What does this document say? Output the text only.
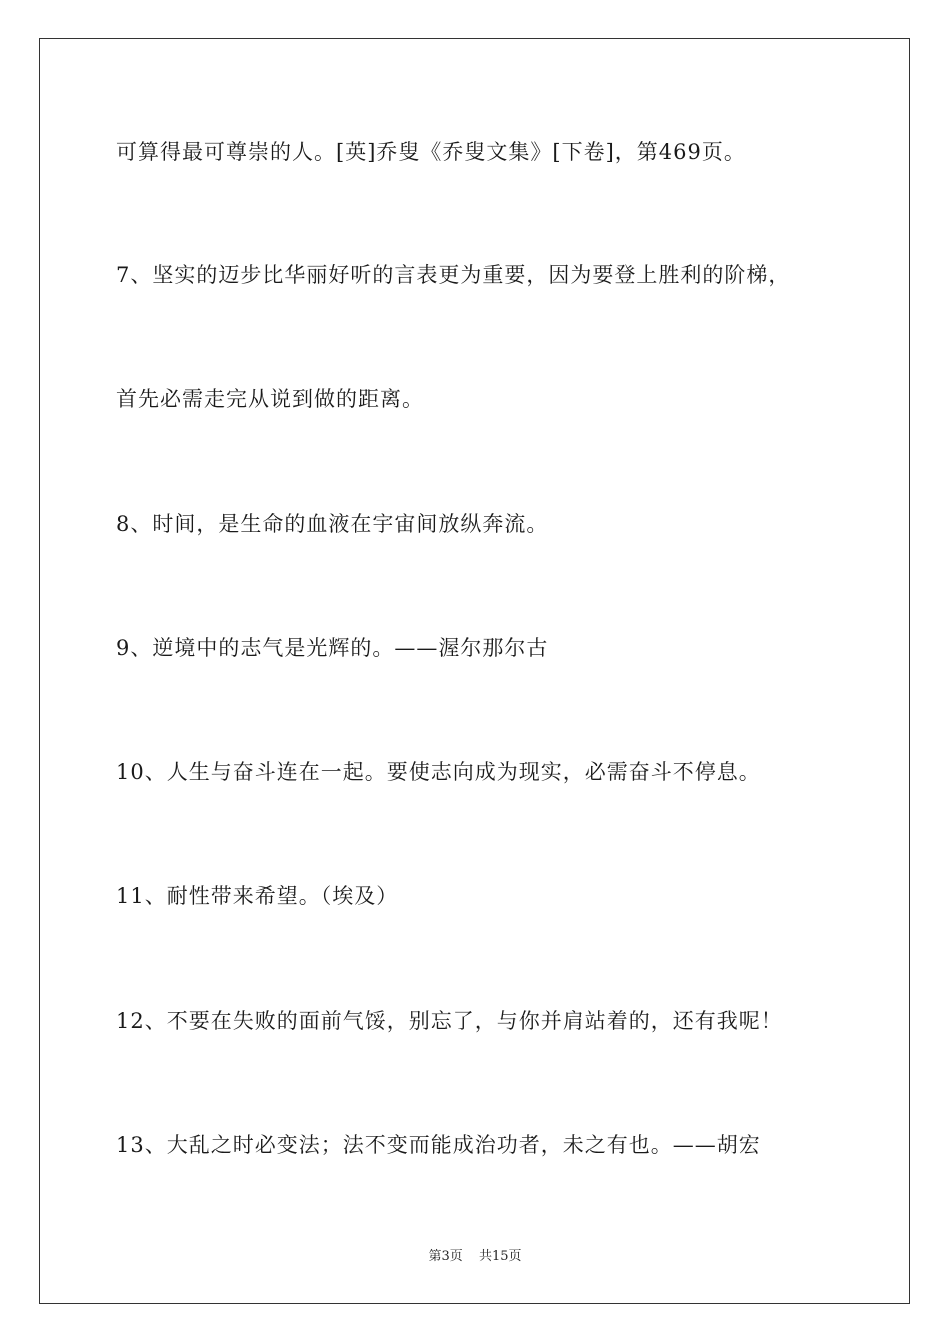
可算得最可尊崇的人。[英]乔叟《乔叟文集》[下卷]，第469页。
7、坚实的迈步比华丽好听的言表更为重要，因为要登上胜利的阶梯，
首先必需走完从说到做的距离。
8、时间，是生命的血液在宇宙间放纵奔流。
9、逆境中的志气是光辉的。——渥尔那尔古
10、人生与奋斗连在一起。要使志向成为现实，必需奋斗不停息。
11、耐性带来希望。（埃及）
12、不要在失败的面前气馁，别忘了，与你并肩站着的，还有我呢！
13、大乱之时必变法；法不变而能成治功者，未之有也。——胡宏
第3页 共15页
